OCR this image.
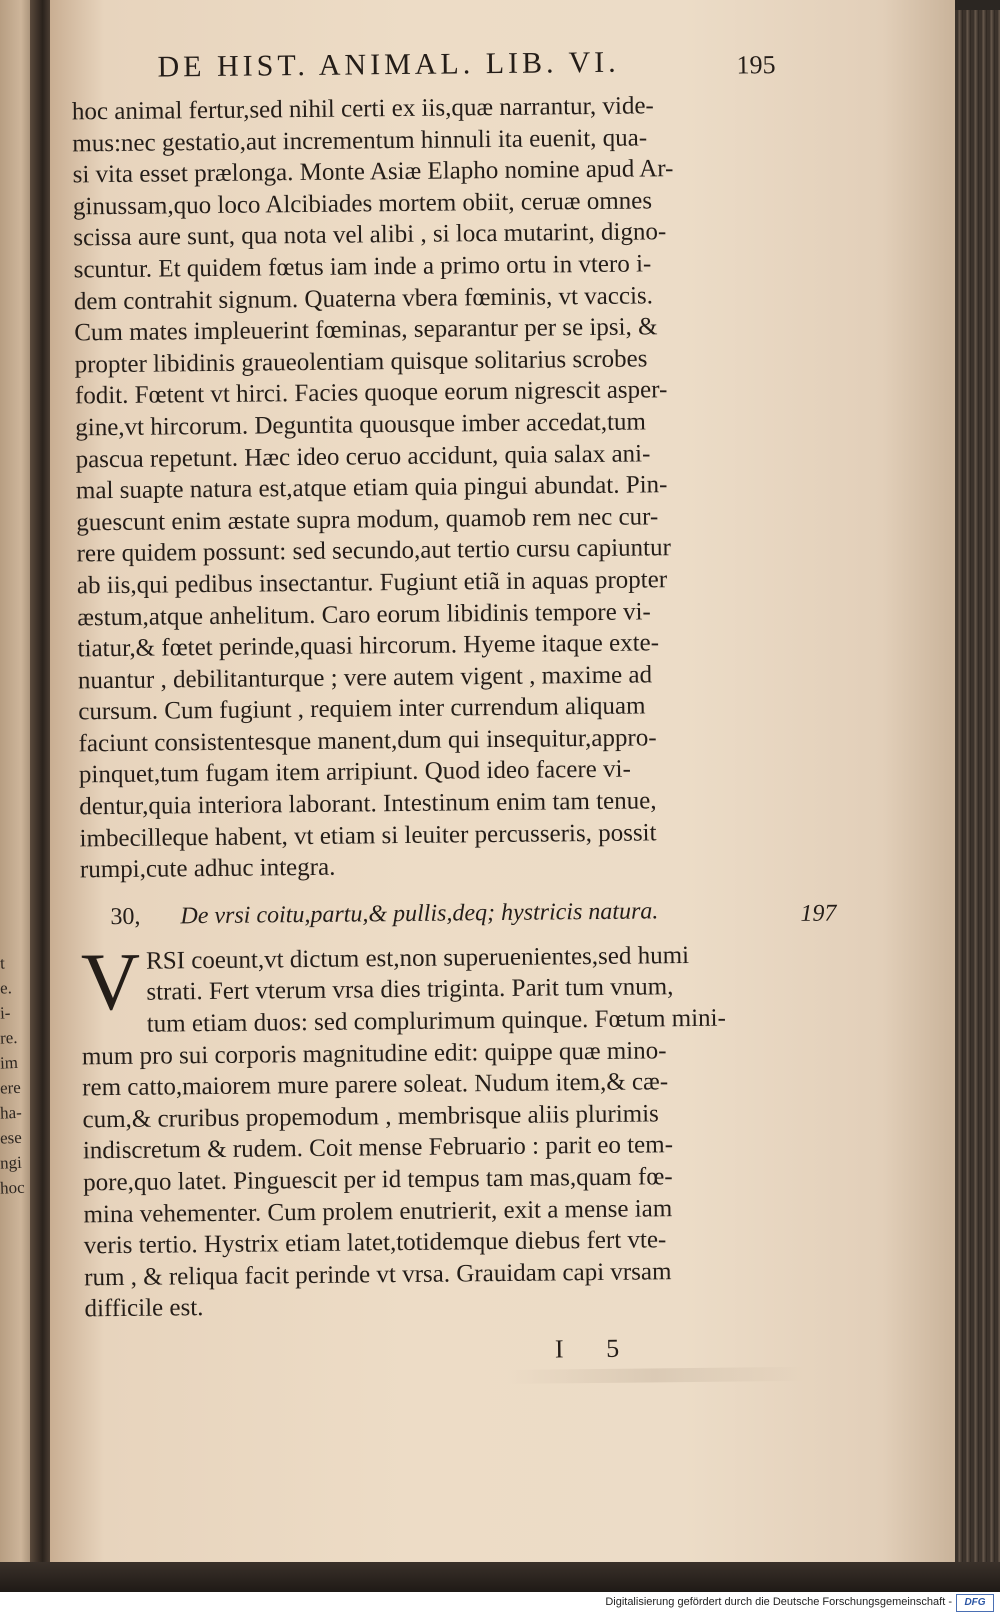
t
e.
i-
re.
im
ere
ha-
ese
ngi
hoc
DE HIST. ANIMAL. LIB. VI.	195
hoc animal fertur,sed nihil certi ex iis,quæ narrantur, vide-
mus:nec gestatio,aut incrementum hinnuli ita euenit, qua-
si vita esset prælonga. Monte Asiæ Elapho nomine apud Ar-
ginussam,quo loco Alcibiades mortem obiit, ceruæ omnes
scissa aure sunt, qua nota vel alibi , si loca mutarint, digno-
scuntur. Et quidem fœtus iam inde a primo ortu in vtero i-
dem contrahit signum. Quaterna vbera fœminis, vt vaccis.
Cum mates impleuerint fœminas, separantur per se ipsi, &
propter libidinis graueolentiam quisque solitarius scrobes
fodit. Fœtent vt hirci. Facies quoque eorum nigrescit asper-
gine,vt hircorum. Deguntita quousque imber accedat,tum
pascua repetunt. Hæc ideo ceruo accidunt, quia salax ani-
mal suapte natura est,atque etiam quia pingui abundat. Pin-
guescunt enim æstate supra modum, quamob rem nec cur-
rere quidem possunt: sed secundo,aut tertio cursu capiuntur
ab iis,qui pedibus insectantur. Fugiunt etiã in aquas propter
æstum,atque anhelitum. Caro eorum libidinis tempore vi-
tiatur,& fœtet perinde,quasi hircorum. Hyeme itaque exte-
nuantur , debilitanturque ; vere autem vigent , maxime ad
cursum. Cum fugiunt , requiem inter currendum aliquam
faciunt consistentesque manent,dum qui insequitur,appro-
pinquet,tum fugam item arripiunt. Quod ideo facere vi-
dentur,quia interiora laborant. Intestinum enim tam tenue,
imbecilleque habent, vt etiam si leuiter percusseris, possit
rumpi,cute adhuc integra.
30, De vrsi coitu,partu,& pullis,deq; hystricis natura.	197
V RSI coeunt,vt dictum est,non superuenientes,sed humi
strati. Fert vterum vrsa dies triginta. Parit tum vnum,
tum etiam duos: sed complurimum quinque. Fœtum mini-
mum pro sui corporis magnitudine edit: quippe quæ mino-
rem catto,maiorem mure parere soleat. Nudum item,& cæ-
cum,& cruribus propemodum , membrisque aliis plurimis
indiscretum & rudem. Coit mense Februario : parit eo tem-
pore,quo latet. Pinguescit per id tempus tam mas,quam fœ-
mina vehementer. Cum prolem enutrierit, exit a mense iam
veris tertio. Hystrix etiam latet,totidemque diebus fert vte-
rum , & reliqua facit perinde vt vrsa. Grauidam capi vrsam
difficile est.
I 5
Digitalisierung gefördert durch die Deutsche Forschungsgemeinschaft -	DFG
